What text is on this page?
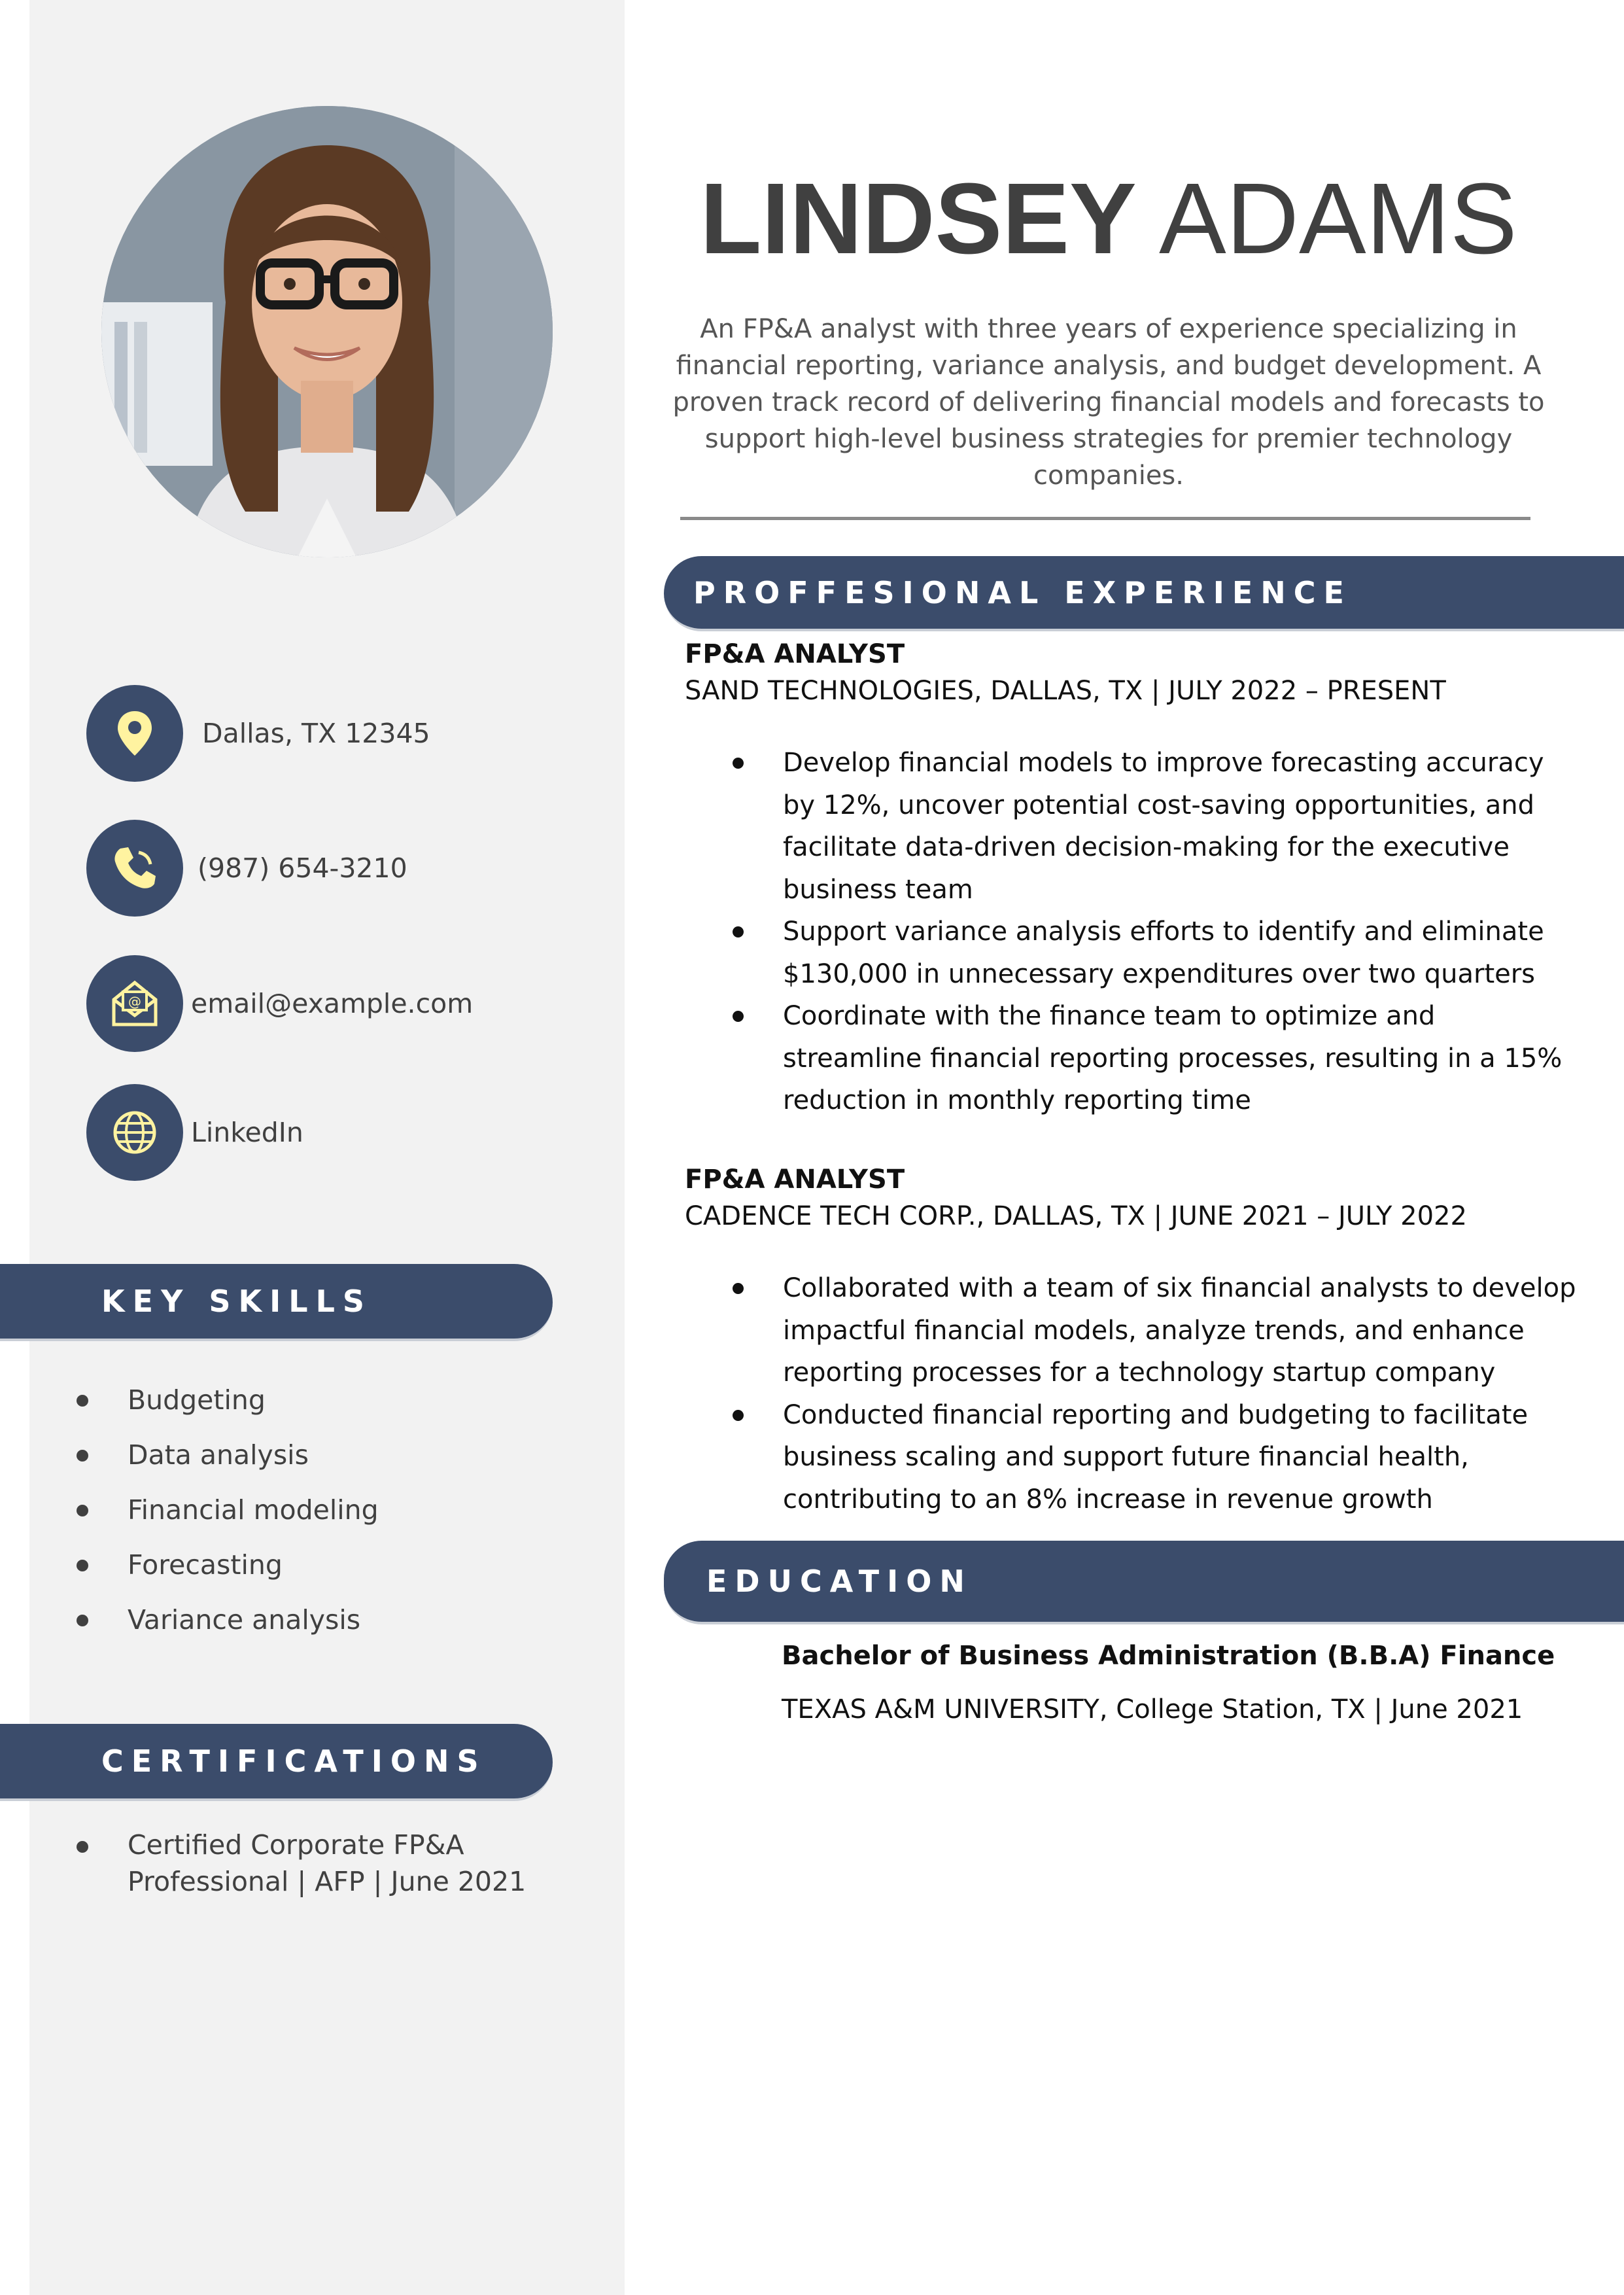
Dallas, TX 12345
(987) 654-3210
@ email@example.com
LinkedIn
KEY SKILLS
Budgeting
Data analysis
Financial modeling
Forecasting
Variance analysis
CERTIFICATIONS
Certified Corporate FP&A Professional | AFP | June 2021
LINDSEY ADAMS
An FP&A analyst with three years of experience specializing in financial reporting, variance analysis, and budget development. A proven track record of delivering financial models and forecasts to support high-level business strategies for premier technology companies.
PROFFESIONAL EXPERIENCE
FP&A ANALYST
SAND TECHNOLOGIES, DALLAS, TX | JULY 2022 – PRESENT
Develop financial models to improve forecasting accuracy by 12%, uncover potential cost-saving opportunities, and facilitate data-driven decision-making for the executive business team
Support variance analysis efforts to identify and eliminate $130,000 in unnecessary expenditures over two quarters
Coordinate with the finance team to optimize and streamline financial reporting processes, resulting in a 15% reduction in monthly reporting time
FP&A ANALYST
CADENCE TECH CORP., DALLAS, TX | JUNE 2021 – JULY 2022
Collaborated with a team of six financial analysts to develop impactful financial models, analyze trends, and enhance reporting processes for a technology startup company
Conducted financial reporting and budgeting to facilitate business scaling and support future financial health, contributing to an 8% increase in revenue growth
EDUCATION
Bachelor of Business Administration (B.B.A) Finance
TEXAS A&M UNIVERSITY, College Station, TX | June 2021
